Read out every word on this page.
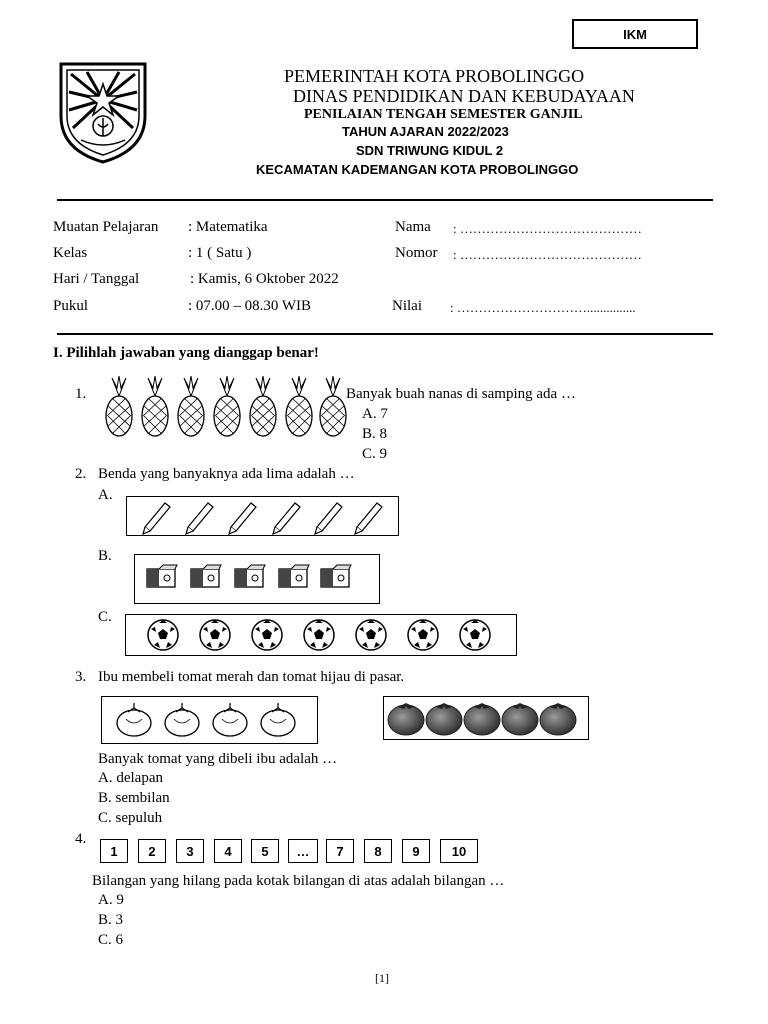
IKM
PEMERINTAH KOTA PROBOLINGGO
DINAS PENDIDIKAN DAN KEBUDAYAAN
PENILAIAN TENGAH SEMESTER GANJIL
TAHUN AJARAN 2022/2023
SDN TRIWUNG KIDUL 2
KECAMATAN KADEMANGAN KOTA PROBOLINGGO
Muatan Pelajaran : Matematika
Kelas	: 1 ( Satu )
Hari / Tanggal	: Kamis, 6 Oktober 2022
Pukul	: 07.00 – 08.30 WIB
Nama : ……………………………………
Nomor : ……………………………………
Nilai : …………………………...............
I. Pilihlah jawaban yang dianggap benar!
1.	Banyak buah nanas di samping ada …
A. 7
B. 8
C. 9
2. Benda yang banyaknya ada lima adalah …
A.
B.
C.
3. Ibu membeli tomat merah dan tomat hijau di pasar.
Banyak tomat yang dibeli ibu adalah …
A. delapan
B. sembilan
C. sepuluh
4.
1	2	3	4	5	…	7	8	9	10
Bilangan yang hilang pada kotak bilangan di atas adalah bilangan …
A. 9
B. 3
C. 6
[1]
